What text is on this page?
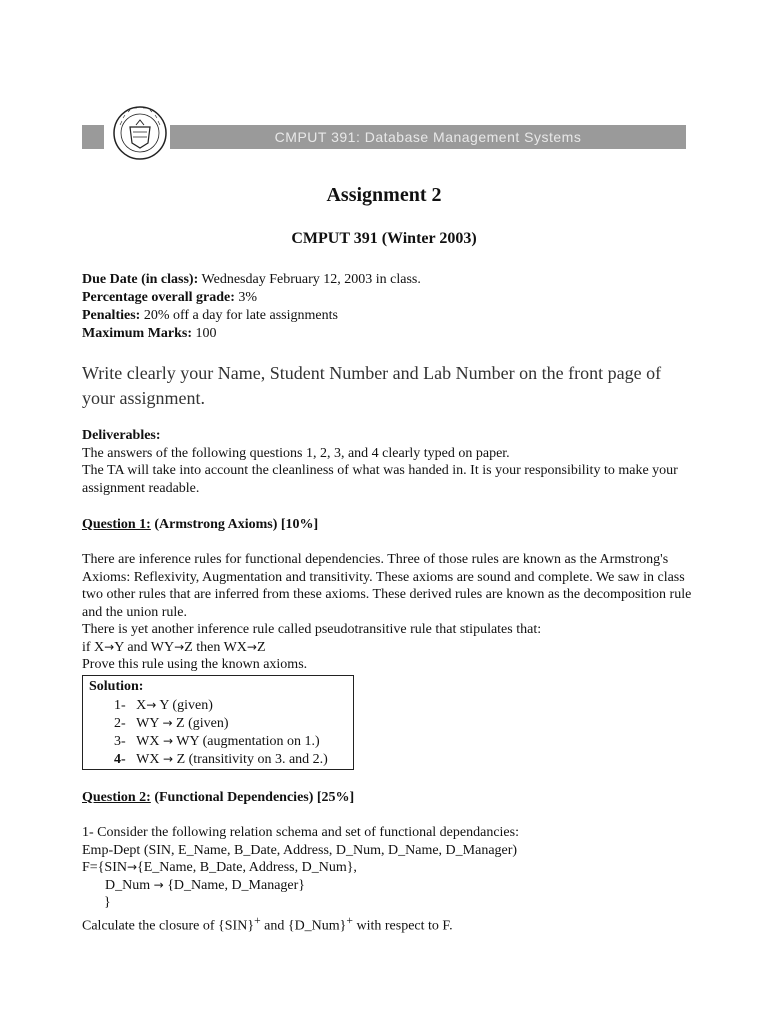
CMPUT 391: Database Management Systems
Assignment 2
CMPUT 391 (Winter 2003)
Due Date (in class): Wednesday February 12, 2003 in class.
Percentage overall grade: 3%
Penalties: 20% off a day for late assignments
Maximum Marks: 100
Write clearly your Name, Student Number and Lab Number on the front page of your assignment.
Deliverables:
The answers of the following questions 1, 2, 3, and 4 clearly typed on paper.
The TA will take into account the cleanliness of what was handed in. It is your responsibility to make your assignment readable.
Question 1: (Armstrong Axioms) [10%]
There are inference rules for functional dependencies. Three of those rules are known as the Armstrong's Axioms: Reflexivity, Augmentation and transitivity. These axioms are sound and complete. We saw in class two other rules that are inferred from these axioms. These derived rules are known as the decomposition rule and the union rule.
There is yet another inference rule called pseudotransitive rule that stipulates that:
if X→Y and WY→Z then WX→Z
Prove this rule using the known axioms.
Solution:
1- X→ Y (given)
2- WY → Z (given)
3- WX → WY (augmentation on 1.)
4- WX → Z (transitivity on 3. and 2.)
Question 2: (Functional Dependencies) [25%]
1- Consider the following relation schema and set of functional dependancies:
Emp-Dept (SIN, E_Name, B_Date, Address, D_Num, D_Name, D_Manager)
F={SIN→{E_Name, B_Date, Address, D_Num},
D_Num → {D_Name, D_Manager}
}
Calculate the closure of {SIN}+ and {D_Num}+ with respect to F.
